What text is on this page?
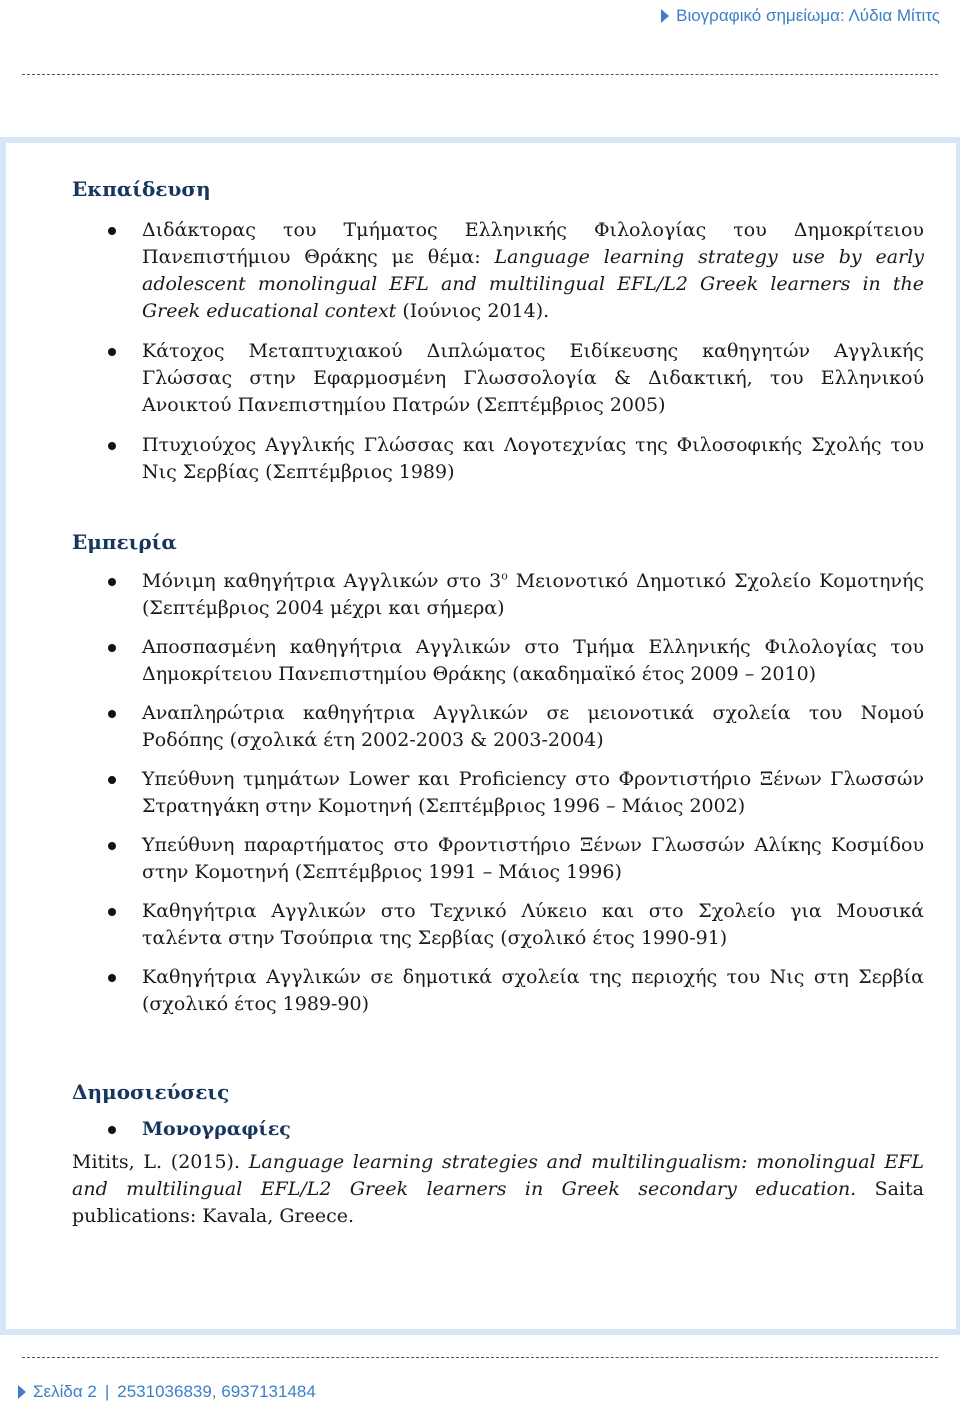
Βιογραφικό σημείωμα: Λύδια Μίτιτς
Εκπαίδευση
Διδάκτορας του Τμήματος Ελληνικής Φιλολογίας του Δημοκρίτειου Πανεπιστήμιου Θράκης με θέμα: Language learning strategy use by early adolescent monolingual EFL and multilingual EFL/L2 Greek learners in the Greek educational context (Ιούνιος 2014).
Κάτοχος Μεταπτυχιακού Διπλώματος Ειδίκευσης καθηγητών Αγγλικής Γλώσσας στην Εφαρμοσμένη Γλωσσολογία & Διδακτική, του Ελληνικού Ανοικτού Πανεπιστημίου Πατρών (Σεπτέμβριος 2005)
Πτυχιούχος Αγγλικής Γλώσσας και Λογοτεχνίας της Φιλοσοφικής Σχολής του Νις Σερβίας (Σεπτέμβριος 1989)
Εμπειρία
Μόνιμη καθηγήτρια Αγγλικών στο $3^o$ Μειονοτικό Δημοτικό Σχολείο Κομοτηνής (Σεπτέμβριος 2004 μέχρι και σήμερα)
Αποσπασμένη καθηγήτρια Αγγλικών στο Τμήμα Ελληνικής Φιλολογίας του Δημοκρίτειου Πανεπιστημίου Θράκης (ακαδημαϊκό έτος 2009 – 2010)
Αναπληρώτρια καθηγήτρια Αγγλικών σε μειονοτικά σχολεία του Νομού Ροδόπης (σχολικά έτη 2002-2003 & 2003-2004)
Υπεύθυνη τμημάτων Lower και Proficiency στο Φροντιστήριο Ξένων Γλωσσών Στρατηγάκη στην Κομοτηνή (Σεπτέμβριος 1996 – Μάιος 2002)
Υπεύθυνη παραρτήματος στο Φροντιστήριο Ξένων Γλωσσών Αλίκης Κοσμίδου στην Κομοτηνή (Σεπτέμβριος 1991 – Μάιος 1996)
Καθηγήτρια Αγγλικών στο Τεχνικό Λύκειο και στο Σχολείο για Μουσικά ταλέντα στην Τσούπρια της Σερβίας (σχολικό έτος 1990-91)
Καθηγήτρια Αγγλικών σε δημοτικά σχολεία της περιοχής του Νις στη Σερβία (σχολικό έτος 1989-90)
Δημοσιεύσεις
Μονογραφίες

Mitits, L. (2015). Language learning strategies and multilingualism: monolingual EFL and multilingual EFL/L2 Greek learners in Greek secondary education. Saita publications: Kavala, Greece.

Σελίδα 2 | 2531036839, 6937131484
